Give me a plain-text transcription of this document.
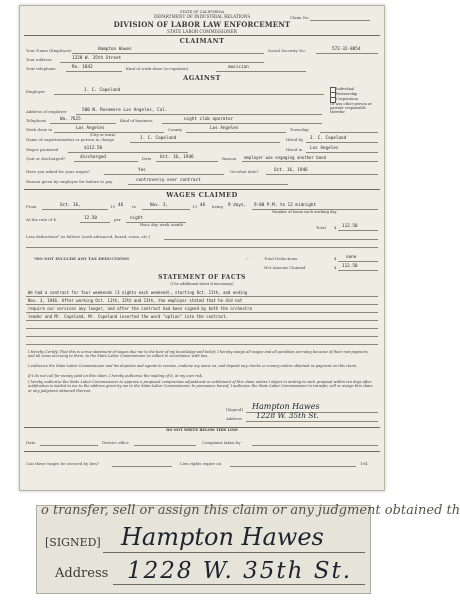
STATE OF CALIFORNIA
DEPARTMENT OF INDUSTRIAL RELATIONS	Claim No.
DIVISION OF LABOR LAW ENFORCEMENT
STATE LABOR COMMISSIONER
CLAIMANT
Your Name (Employee)	Hampton Hawes	Social Security No.	572-32-8054
Your address	1228 W. 35th Street
Your telephone	Re. 1842	Kind of work done (occupation)	musician
AGAINST
Individual
Partnership
Corporation
Or any other person or partner responsible therefor
Employer	J. C. Copeland
Address of employer	500 N. Rosemore Los Angeles, Cal.
Telephone	Wa. 7625	Kind of business	night club operator
Work done in	Los Angeles	County	Los Angeles	Township
(City or town)
Name of superintendent or person in charge	J. C. Copeland	Hired by J. C. Copeland
Wages promised	$112.50	Hired in Los Angeles
Quit or discharged?	discharged	Date Oct. 16, 1946	Reason employer was engaging another band
Have you asked for your wages?	Yes	On what date?	Oct. 16, 1946
Reason given by employer for failure to pay	controversy over contract
WAGES CLAIMED
From	Oct. 16,	19 46 to	Nov. 3,	19 46 being 9 days, 9:00 P.M. to 12 midnight
Number of hours each working day
At the rate of $	12.50	per night
Hour, day, week, month	Total $ 112.50
Less deductions* as follows (cash advanced, board, room, etc.)
*DO NOT INCLUDE ANY TAX DEDUCTIONS	☞	Total Deductions	$ none
Net Amount Claimed	$ 112.50
STATEMENT OF FACTS
(Use additional sheet if necessary)
We had a contract for four weekends (3 nights each weekend), starting Oct. 11th, and ending
Nov. 3, 1946. After working Oct. 11th, 12th and 13th, the employer stated that he did not
require our services any longer, and after the contract had been signed by both the orchestra
leader and Mr. Copeland, Mr. Copeland inserted the word "option" into the contract.
I Hereby Certify, That this is a true statement of wages due me to the best of my knowledge and belief. I hereby assign all wages and all penalties accruing because of their non-payment, and all sums accruing to them, to the State Labor Commissioner to collect in accordance with law.
I authorize the State Labor Commissioner and his deputies and agents to receive, endorse my name on, and deposit any checks or money orders obtained as payment on this claim.
If I do not call for money paid on this claim, I hereby authorize the mailing of it, at my own risk.
I hereby authorize the State Labor Commissioner to approve a proposed compromise adjustment or settlement of this claim unless I object in writing to such proposal within ten days after notification is mailed to me to the address given by me to the State Labor Commissioner. In pursuance hereof, I authorize the State Labor Commissioner to transfer, sell or assign this claim or any judgment obtained thereon.
[Signed] Hampton Hawes
Address 1228 W. 35th St.
DO NOT WRITE BELOW THIS LINE
Date	District office	Complaint taken by
Can these wages be secured by lien?	Lien rights expire on	194
o transfer, sell or assign this claim or any judgment obtained th
[SIGNED] Hampton Hawes
Address 1228 W. 35th St.
